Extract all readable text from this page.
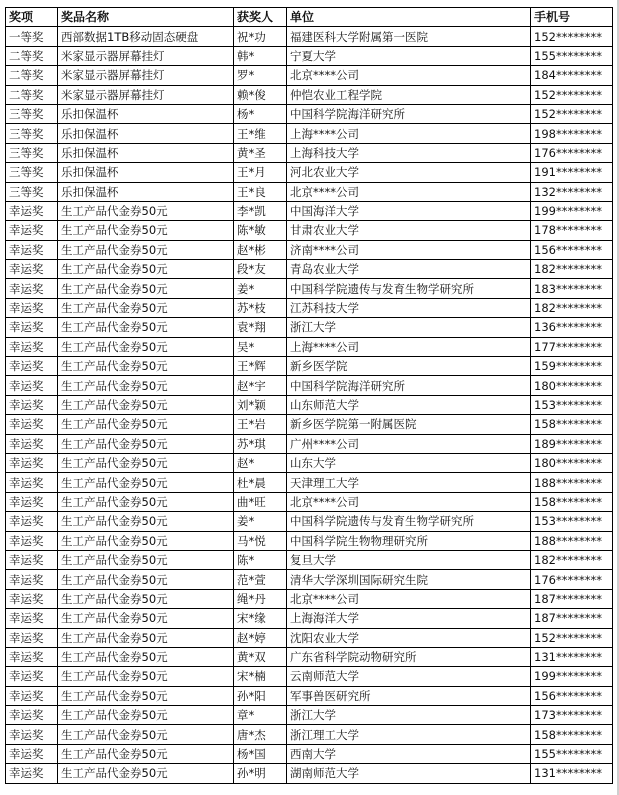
奖项	奖品名称	获奖人	单位	手机号
一等奖	西部数据1TB移动固态硬盘	祝*功	福建医科大学附属第一医院	152********
二等奖	米家显示器屏幕挂灯	韩*	宁夏大学	155********
二等奖	米家显示器屏幕挂灯	罗*	北京****公司	184********
二等奖	米家显示器屏幕挂灯	赖*俊	仲恺农业工程学院	152********
三等奖	乐扣保温杯	杨*	中国科学院海洋研究所	152********
三等奖	乐扣保温杯	王*维	上海****公司	198********
三等奖	乐扣保温杯	黄*圣	上海科技大学	176********
三等奖	乐扣保温杯	王*月	河北农业大学	191********
三等奖	乐扣保温杯	王*良	北京****公司	132********
幸运奖	生工产品代金券50元	李*凯	中国海洋大学	199********
幸运奖	生工产品代金券50元	陈*敏	甘肃农业大学	178********
幸运奖	生工产品代金券50元	赵*彬	济南****公司	156********
幸运奖	生工产品代金券50元	段*友	青岛农业大学	182********
幸运奖	生工产品代金券50元	姜*	中国科学院遗传与发育生物学研究所	183********
幸运奖	生工产品代金券50元	苏*枝	江苏科技大学	182********
幸运奖	生工产品代金券50元	袁*翔	浙江大学	136********
幸运奖	生工产品代金券50元	吴*	上海****公司	177********
幸运奖	生工产品代金券50元	王*辉	新乡医学院	159********
幸运奖	生工产品代金券50元	赵*宇	中国科学院海洋研究所	180********
幸运奖	生工产品代金券50元	刘*颖	山东师范大学	153********
幸运奖	生工产品代金券50元	王*岩	新乡医学院第一附属医院	158********
幸运奖	生工产品代金券50元	苏*琪	广州****公司	189********
幸运奖	生工产品代金券50元	赵*	山东大学	180********
幸运奖	生工产品代金券50元	杜*晨	天津理工大学	188********
幸运奖	生工产品代金券50元	曲*旺	北京****公司	158********
幸运奖	生工产品代金券50元	姜*	中国科学院遗传与发育生物学研究所	153********
幸运奖	生工产品代金券50元	马*悦	中国科学院生物物理研究所	188********
幸运奖	生工产品代金券50元	陈*	复旦大学	182********
幸运奖	生工产品代金券50元	范*萱	清华大学深圳国际研究生院	176********
幸运奖	生工产品代金券50元	绳*丹	北京****公司	187********
幸运奖	生工产品代金券50元	宋*缘	上海海洋大学	187********
幸运奖	生工产品代金券50元	赵*婷	沈阳农业大学	152********
幸运奖	生工产品代金券50元	黄*双	广东省科学院动物研究所	131********
幸运奖	生工产品代金券50元	宋*楠	云南师范大学	199********
幸运奖	生工产品代金券50元	孙*阳	军事兽医研究所	156********
幸运奖	生工产品代金券50元	章*	浙江大学	173********
幸运奖	生工产品代金券50元	唐*杰	浙江理工大学	158********
幸运奖	生工产品代金券50元	杨*国	西南大学	155********
幸运奖	生工产品代金券50元	孙*明	湖南师范大学	131********
